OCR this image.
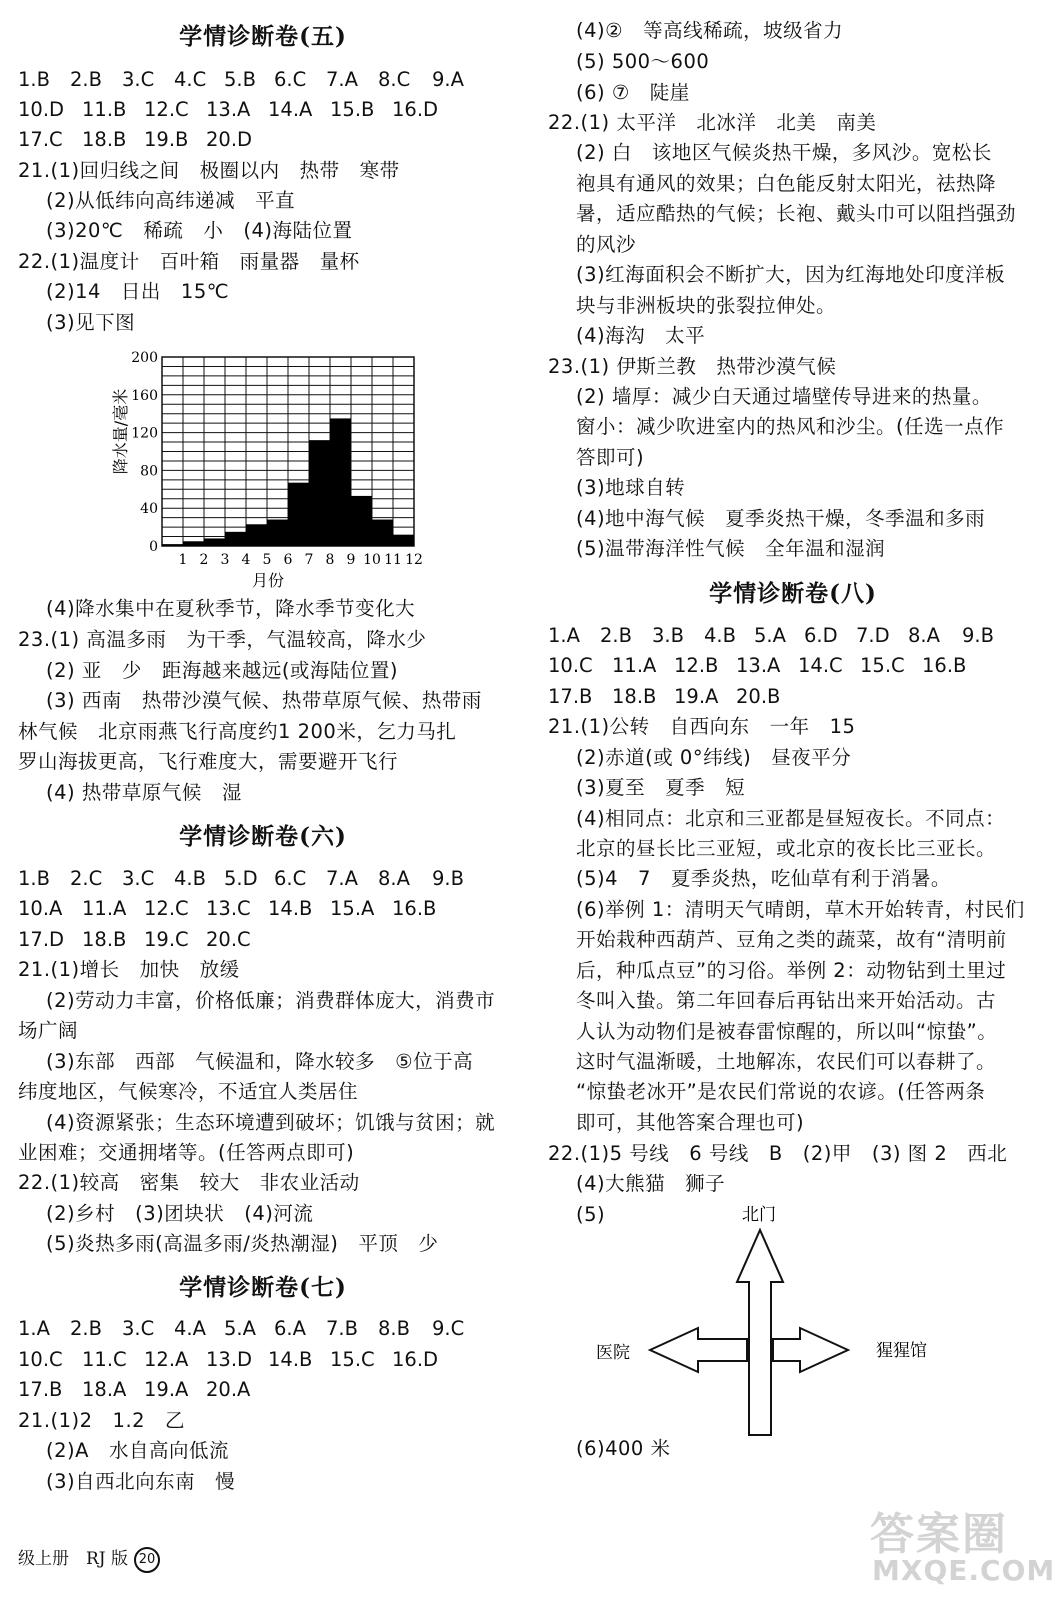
学情诊断卷(五)
1.B 2.B 3.C 4.C 5.B 6.C 7.A 8.C 9.A
10.D 11.B 12.C 13.A 14.A 15.B 16.D
17.C 18.B 19.B 20.D
21.(1)回归线之间　极圈以内　热带　寒带
(2)从低纬向高纬递减　平直
(3)20℃　稀疏　小　(4)海陆位置
22.(1)温度计　百叶箱　雨量器　量杯
(2)14　日出　15℃
(3)见下图
(4)降水集中在夏秋季节，降水季节变化大
23.(1) 高温多雨　为干季，气温较高，降水少
(2) 亚　少　距海越来越远(或海陆位置)
(3) 西南　热带沙漠气候、热带草原气候、热带雨
林气候　北京雨燕飞行高度约1 200米，乞力马扎
罗山海拔更高，飞行难度大，需要避开飞行
(4) 热带草原气候　湿
学情诊断卷(六)
1.B 2.C 3.C 4.B 5.D 6.C 7.A 8.A 9.B
10.A 11.A 12.C 13.C 14.B 15.A 16.B
17.D 18.B 19.C 20.C
21.(1)增长　加快　放缓
(2)劳动力丰富，价格低廉；消费群体庞大，消费市
场广阔
(3)东部　西部　气候温和，降水较多　⑤位于高
纬度地区，气候寒冷，不适宜人类居住
(4)资源紧张；生态环境遭到破坏；饥饿与贫困；就
业困难；交通拥堵等。(任答两点即可)
22.(1)较高　密集　较大　非农业活动
(2)乡村　(3)团块状　(4)河流
(5)炎热多雨(高温多雨/炎热潮湿)　平顶　少
学情诊断卷(七)
1.A 2.B 3.C 4.A 5.A 6.A 7.B 8.B 9.C
10.C 11.C 12.A 13.D 14.B 15.C 16.D
17.B 18.A 19.A 20.A
21.(1)2　1.2　乙
(2)A　水自高向低流
(3)自西北向东南　慢
级上册　RJ 版 20
0
40
80
120
160
200
1 2 3 4 5 6 7 8 9 10 11 12
降水量/毫米
月份
(4)②　等高线稀疏，坡级省力
(5) 500～600
(6) ⑦　陡崖
22.(1) 太平洋　北冰洋　北美　南美
(2) 白　该地区气候炎热干燥，多风沙。宽松长
袍具有通风的效果；白色能反射太阳光，祛热降
暑，适应酷热的气候；长袍、戴头巾可以阻挡强劲
的风沙
(3)红海面积会不断扩大，因为红海地处印度洋板
块与非洲板块的张裂拉伸处。
(4)海沟　太平
23.(1) 伊斯兰教　热带沙漠气候
(2) 墙厚：减少白天通过墙壁传导进来的热量。
窗小：减少吹进室内的热风和沙尘。(任选一点作
答即可)
(3)地球自转
(4)地中海气候　夏季炎热干燥，冬季温和多雨
(5)温带海洋性气候　全年温和湿润
学情诊断卷(八)
1.A 2.B 3.B 4.B 5.A 6.D 7.D 8.A 9.B
10.C 11.A 12.B 13.A 14.C 15.C 16.B
17.B 18.B 19.A 20.B
21.(1)公转　自西向东　一年　15
(2)赤道(或 0°纬线)　昼夜平分
(3)夏至　夏季　短
(4)相同点：北京和三亚都是昼短夜长。不同点：
北京的昼长比三亚短，或北京的夜长比三亚长。
(5)4　7　夏季炎热，吃仙草有利于消暑。
(6)举例 1：清明天气晴朗，草木开始转青，村民们
开始栽种西葫芦、豆角之类的蔬菜，故有“清明前
后，种瓜点豆”的习俗。举例 2：动物钻到土里过
冬叫入蛰。第二年回春后再钻出来开始活动。古
人认为动物们是被春雷惊醒的，所以叫“惊蛰”。
这时气温渐暖，土地解冻，农民们可以春耕了。
“惊蛰老冰开”是农民们常说的农谚。(任答两条
即可，其他答案合理也可)
22.(1)5 号线　6 号线　B　(2)甲　(3) 图 2　西北
(4)大熊猫　狮子
(5)
(6)400 米
北门
医院	猩猩馆
答案圈
MXQE.COM
